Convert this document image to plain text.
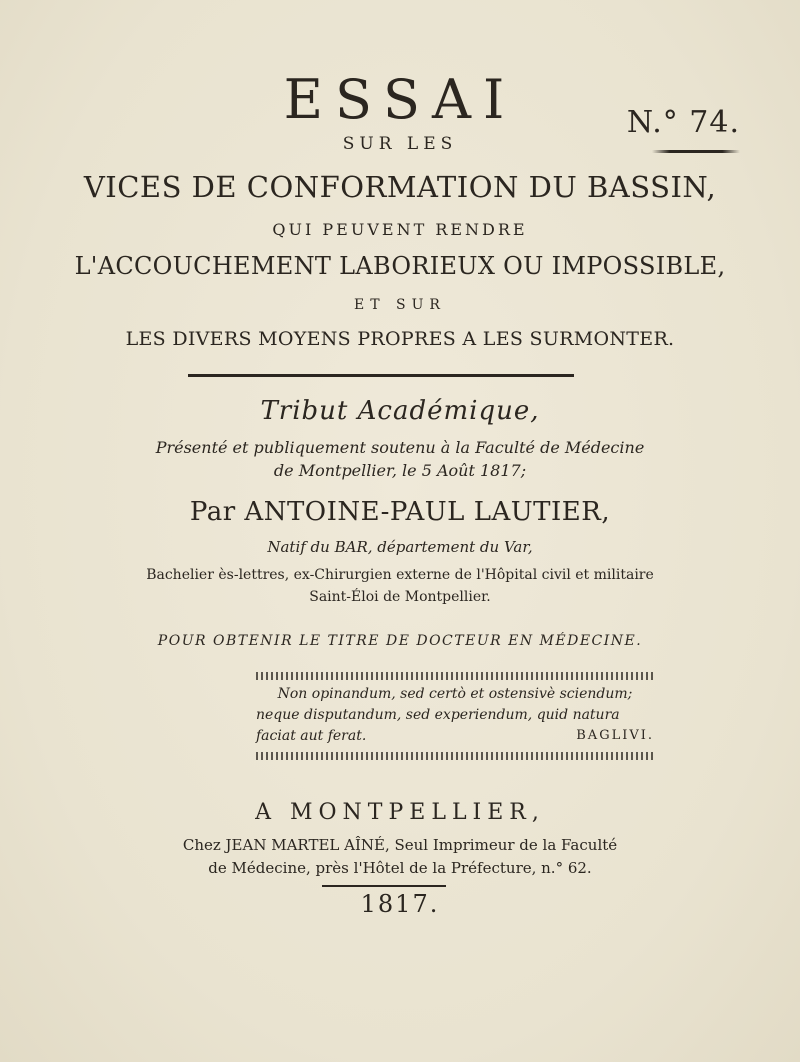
N.° 74.
ESSAI
SUR LES
VICES DE CONFORMATION DU BASSIN,
QUI PEUVENT RENDRE
L'ACCOUCHEMENT LABORIEUX OU IMPOSSIBLE,
ET SUR
LES DIVERS MOYENS PROPRES A LES SURMONTER.
Tribut Académique,
Présenté et publiquement soutenu à la Faculté de Médecine
de Montpellier, le 5 Août 1817;
Par ANTOINE-PAUL LAUTIER,
Natif du BAR, département du Var,
Bachelier ès-lettres, ex-Chirurgien externe de l'Hôpital civil et militaire
Saint-Éloi de Montpellier.
POUR OBTENIR LE TITRE DE DOCTEUR EN MÉDECINE.
Non opinandum, sed certò et ostensivè sciendum;
neque disputandum, sed experiendum, quid natura
faciat aut ferat.	BAGLIVI.
A MONTPELLIER,
Chez JEAN MARTEL AÎNÉ, Seul Imprimeur de la Faculté
de Médecine, près l'Hôtel de la Préfecture, n.° 62.
1817.
